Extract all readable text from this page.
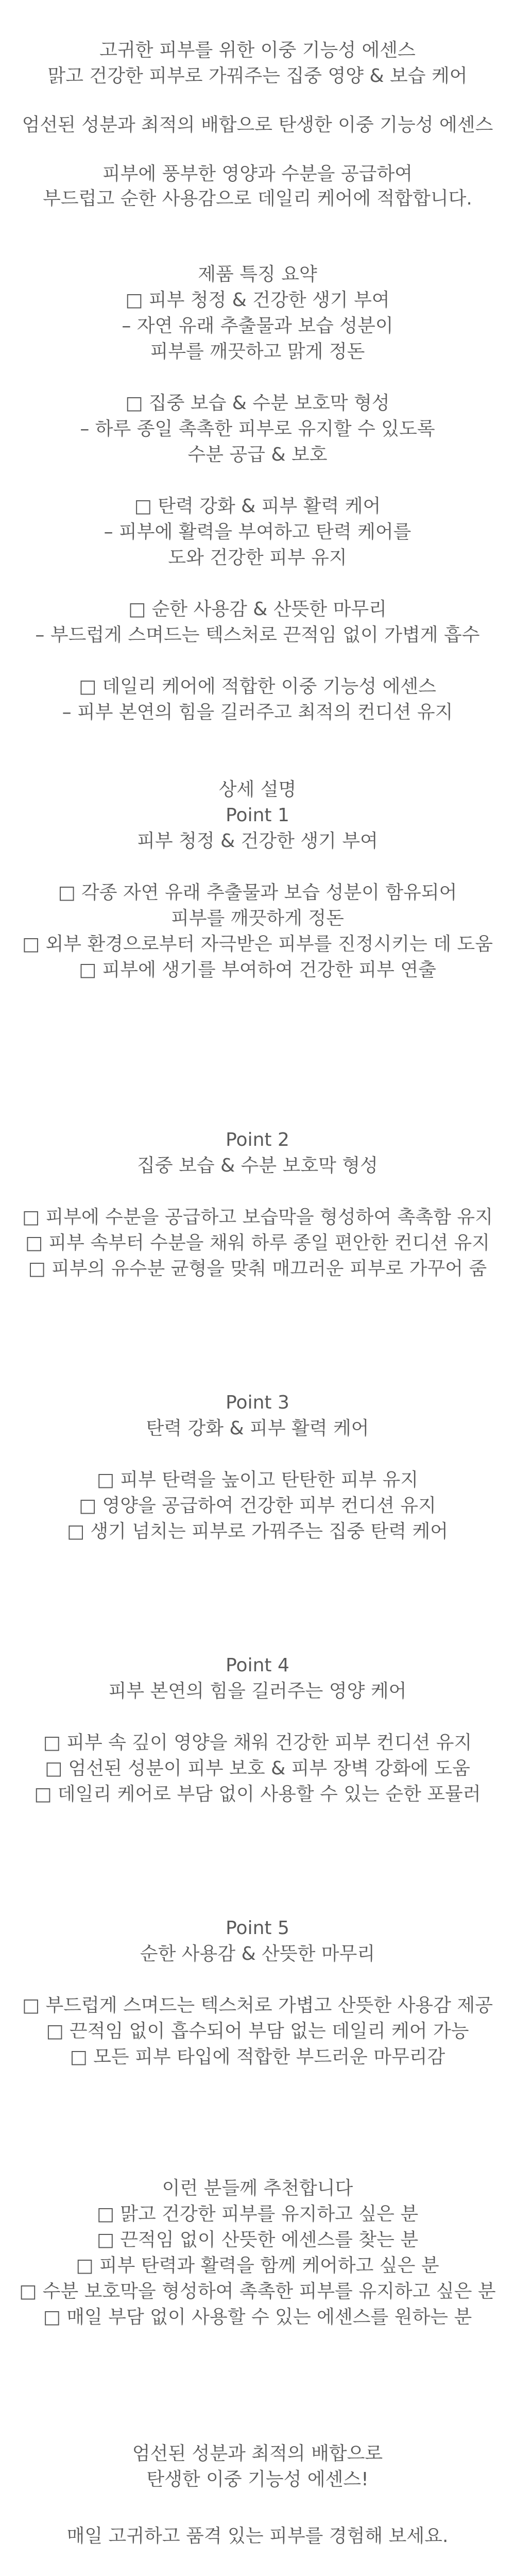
고귀한 피부를 위한 이중 기능성 에센스
맑고 건강한 피부로 가꿔주는 집중 영양 & 보습 케어
엄선된 성분과 최적의 배합으로 탄생한 이중 기능성 에센스
피부에 풍부한 영양과 수분을 공급하여
부드럽고 순한 사용감으로 데일리 케어에 적합합니다.
제품 특징 요약
□ 피부 청정 & 건강한 생기 부여
– 자연 유래 추출물과 보습 성분이
피부를 깨끗하고 맑게 정돈
□ 집중 보습 & 수분 보호막 형성
– 하루 종일 촉촉한 피부로 유지할 수 있도록
수분 공급 & 보호
□ 탄력 강화 & 피부 활력 케어
– 피부에 활력을 부여하고 탄력 케어를
도와 건강한 피부 유지
□ 순한 사용감 & 산뜻한 마무리
– 부드럽게 스며드는 텍스처로 끈적임 없이 가볍게 흡수
□ 데일리 케어에 적합한 이중 기능성 에센스
– 피부 본연의 힘을 길러주고 최적의 컨디션 유지
상세 설명
Point 1
피부 청정 & 건강한 생기 부여
□ 각종 자연 유래 추출물과 보습 성분이 함유되어
피부를 깨끗하게 정돈
□ 외부 환경으로부터 자극받은 피부를 진정시키는 데 도움
□ 피부에 생기를 부여하여 건강한 피부 연출
Point 2
집중 보습 & 수분 보호막 형성
□ 피부에 수분을 공급하고 보습막을 형성하여 촉촉함 유지
□ 피부 속부터 수분을 채워 하루 종일 편안한 컨디션 유지
□ 피부의 유수분 균형을 맞춰 매끄러운 피부로 가꾸어 줌
Point 3
탄력 강화 & 피부 활력 케어
□ 피부 탄력을 높이고 탄탄한 피부 유지
□ 영양을 공급하여 건강한 피부 컨디션 유지
□ 생기 넘치는 피부로 가꿔주는 집중 탄력 케어
Point 4
피부 본연의 힘을 길러주는 영양 케어
□ 피부 속 깊이 영양을 채워 건강한 피부 컨디션 유지
□ 엄선된 성분이 피부 보호 & 피부 장벽 강화에 도움
□ 데일리 케어로 부담 없이 사용할 수 있는 순한 포뮬러
Point 5
순한 사용감 & 산뜻한 마무리
□ 부드럽게 스며드는 텍스처로 가볍고 산뜻한 사용감 제공
□ 끈적임 없이 흡수되어 부담 없는 데일리 케어 가능
□ 모든 피부 타입에 적합한 부드러운 마무리감
이런 분들께 추천합니다
□ 맑고 건강한 피부를 유지하고 싶은 분
□ 끈적임 없이 산뜻한 에센스를 찾는 분
□ 피부 탄력과 활력을 함께 케어하고 싶은 분
□ 수분 보호막을 형성하여 촉촉한 피부를 유지하고 싶은 분
□ 매일 부담 없이 사용할 수 있는 에센스를 원하는 분
엄선된 성분과 최적의 배합으로
탄생한 이중 기능성 에센스!
매일 고귀하고 품격 있는 피부를 경험해 보세요.
